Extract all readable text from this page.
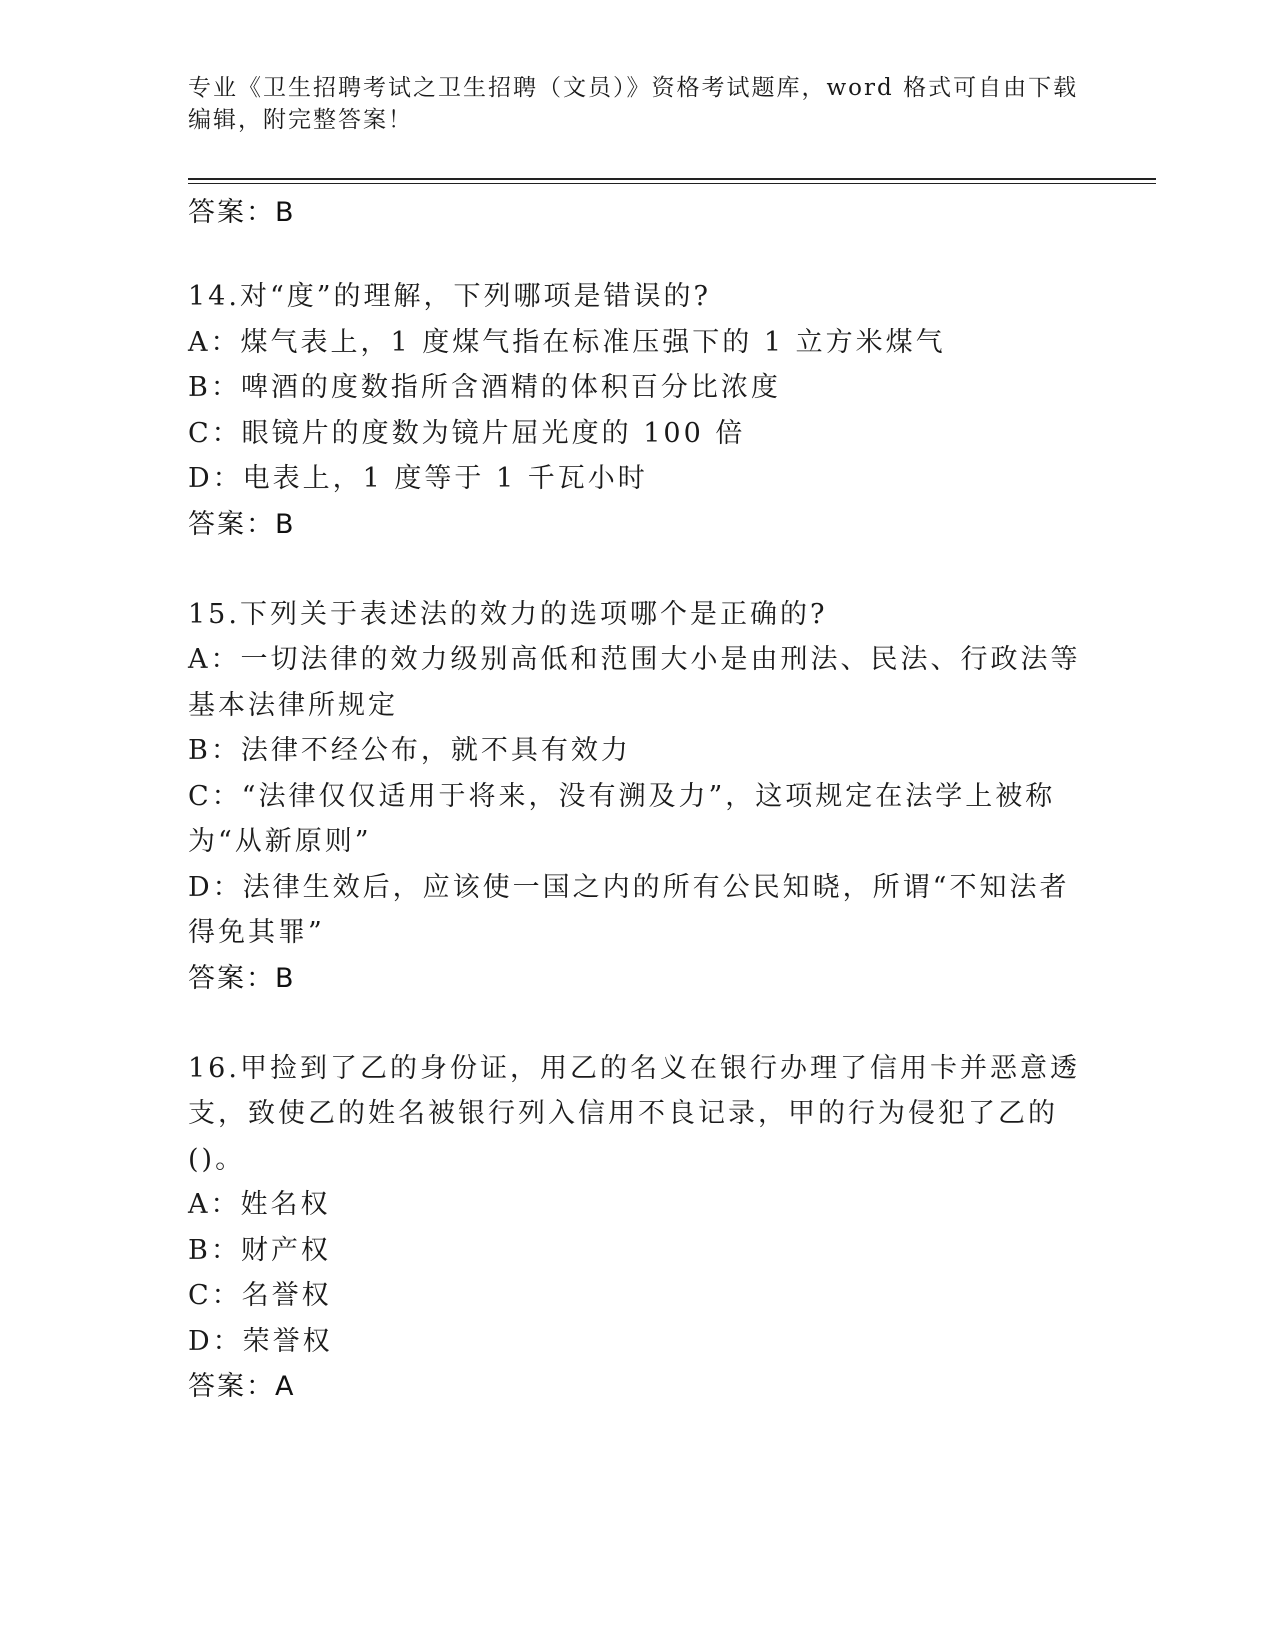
专业《卫生招聘考试之卫生招聘（文员）》资格考试题库，word 格式可自由下载
编辑，附完整答案！
答案：B
14.对“度”的理解，下列哪项是错误的?
A：煤气表上，1 度煤气指在标准压强下的 1 立方米煤气
B：啤酒的度数指所含酒精的体积百分比浓度
C：眼镜片的度数为镜片屈光度的 100 倍
D：电表上，1 度等于 1 千瓦小时
答案：B
15.下列关于表述法的效力的选项哪个是正确的?
A：一切法律的效力级别高低和范围大小是由刑法、民法、行政法等基本法律所规定
B：法律不经公布，就不具有效力
C：“法律仅仅适用于将来，没有溯及力”，这项规定在法学上被称为“从新原则”
D：法律生效后，应该使一国之内的所有公民知晓，所谓“不知法者得免其罪”
答案：B
16.甲捡到了乙的身份证，用乙的名义在银行办理了信用卡并恶意透支，致使乙的姓名被银行列入信用不良记录，甲的行为侵犯了乙的()。
A：姓名权
B：财产权
C：名誉权
D：荣誉权
答案：A
